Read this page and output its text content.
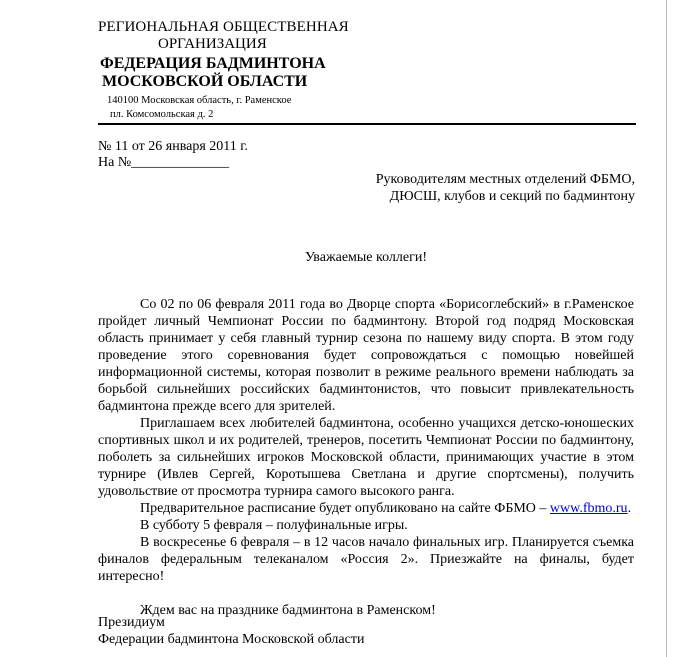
РЕГИОНАЛЬНАЯ ОБЩЕСТВЕННАЯ

ОРГАНИЗАЦИЯ

ФЕДЕРАЦИЯ БАДМИНТОНА

МОСКОВСКОЙ ОБЛАСТИ

140100 Московская область, г. Раменское

пл. Комсомольская д. 2

№ 11 от 26 января 2011 г.

На №______________

Руководителям местных отделений ФБМО,

ДЮСШ, клубов и секций по бадминтону

Уважаемые коллеги!

Со 02 по 06 февраля 2011 года во Дворце спорта «Борисоглебский» в г.Раменское пройдет личный Чемпионат России по бадминтону. Второй год подряд Московская область принимает у себя главный турнир сезона по нашему виду спорта. В этом году проведение этого соревнования будет сопровождаться с помощью новейшей информационной системы, которая позволит в режиме реального времени наблюдать за борьбой сильнейших российских бадминтонистов, что повысит привлекательность бадминтона прежде всего для зрителей.

Приглашаем всех любителей бадминтона, особенно учащихся детско-юношеских спортивных школ и их родителей, тренеров, посетить Чемпионат России по бадминтону, поболеть за сильнейших игроков Московской области, принимающих участие в этом турнире (Ивлев Сергей, Коротышева Светлана и другие спортсмены), получить удовольствие от просмотра турнира самого высокого ранга.

Предварительное расписание будет опубликовано на сайте ФБМО – www.fbmo.ru.

В субботу 5 февраля – полуфинальные игры.

В воскресенье 6 февраля – в 12 часов начало финальных игр. Планируется съемка финалов федеральным телеканалом «Россия 2». Приезжайте на финалы, будет интересно!

Ждем вас на празднике бадминтона в Раменском!

Президиум

Федерации бадминтона Московской области
